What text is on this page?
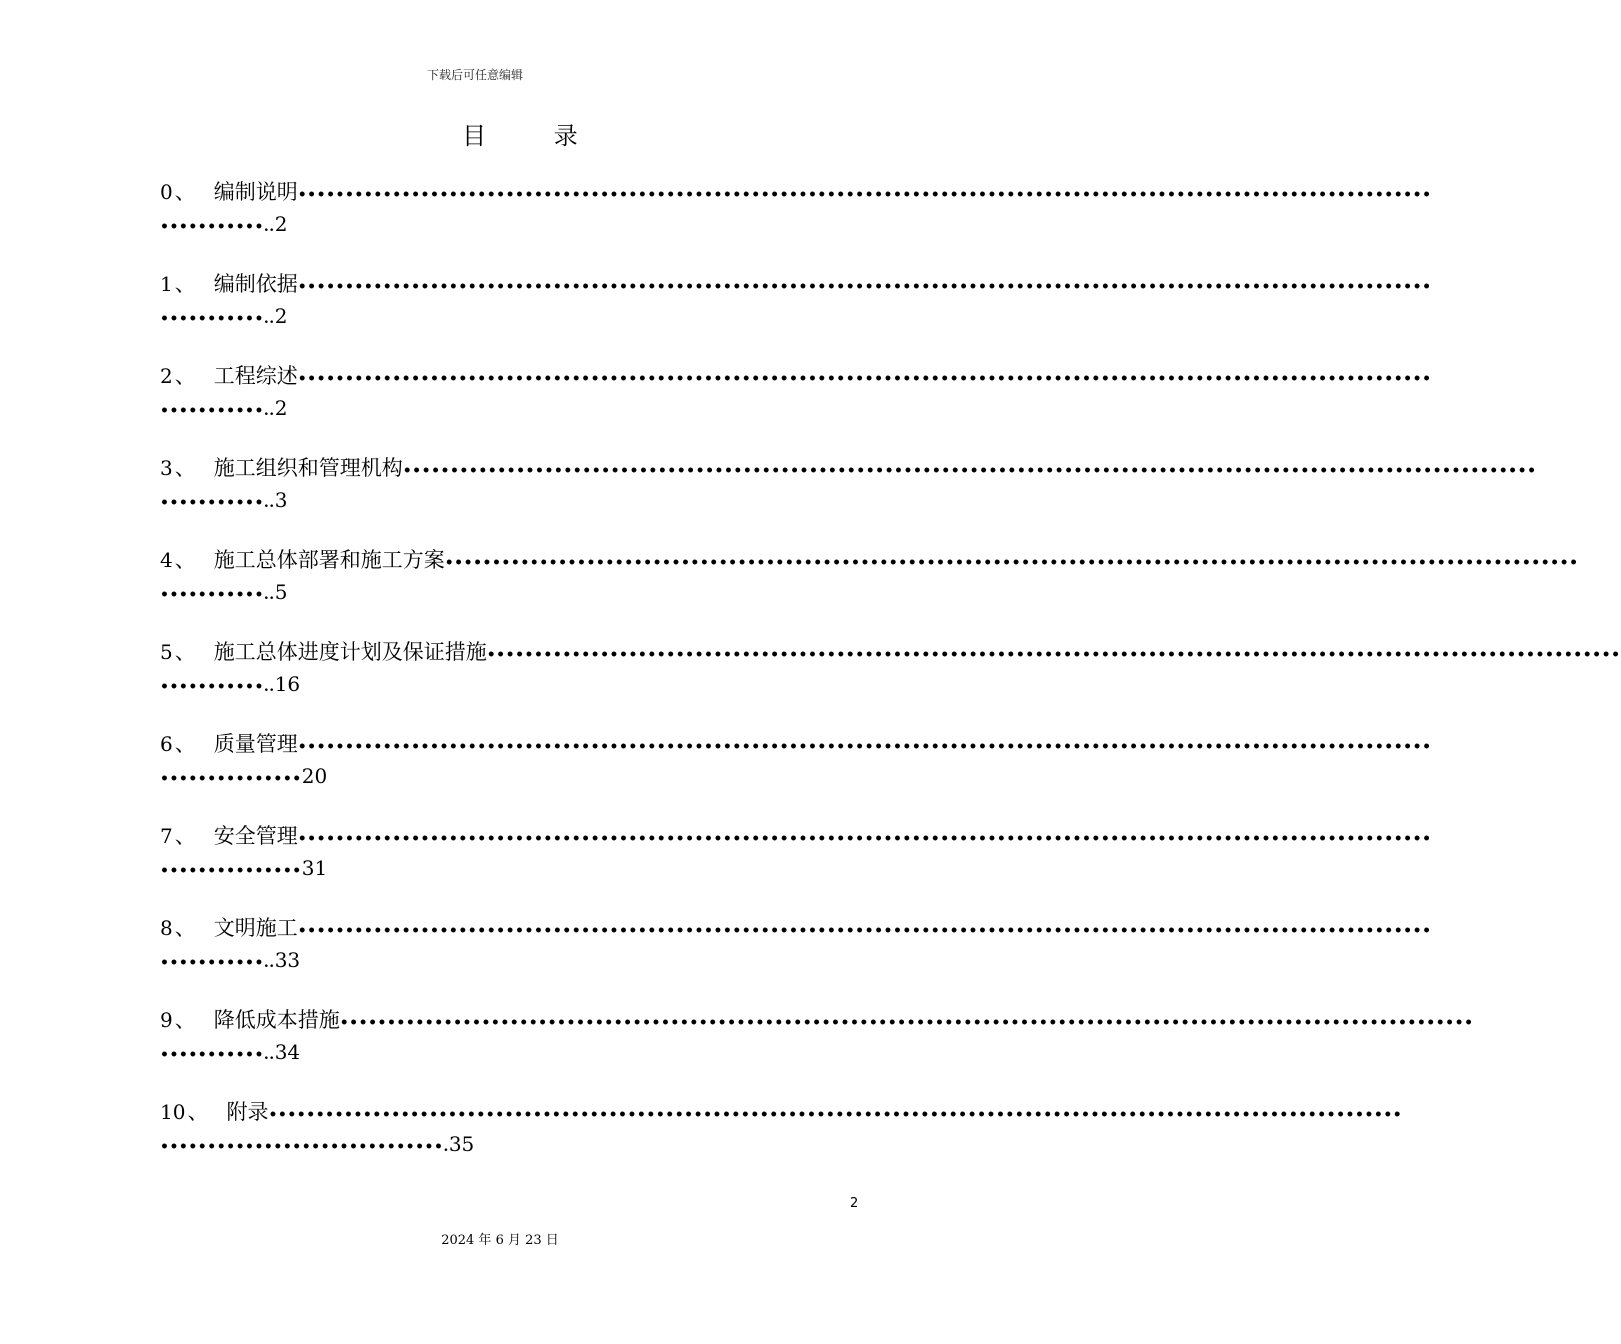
下载后可任意编辑
目 录
0 、 编制说明 ••••••••••••••••••••••••••••••••••••••••••••••••••••••••••••••••••••••••••••••••••••••••••••••••••••••••••••••••••••••••
•••••••••••.. 2
1 、 编制依据 ••••••••••••••••••••••••••••••••••••••••••••••••••••••••••••••••••••••••••••••••••••••••••••••••••••••••••••••••••••••••
•••••••••••.. 2
2 、 工程综述 ••••••••••••••••••••••••••••••••••••••••••••••••••••••••••••••••••••••••••••••••••••••••••••••••••••••••••••••••••••••••
•••••••••••.. 2
3 、 施工组织和管理机构 ••••••••••••••••••••••••••••••••••••••••••••••••••••••••••••••••••••••••••••••••••••••••••••••••••••••••••••••••••••••••
•••••••••••.. 3
4 、 施工总体部署和施工方案 ••••••••••••••••••••••••••••••••••••••••••••••••••••••••••••••••••••••••••••••••••••••••••••••••••••••••••••••••••••••••
•••••••••••.. 5
5 、 施工总体进度计划及保证措施 ••••••••••••••••••••••••••••••••••••••••••••••••••••••••••••••••••••••••••••••••••••••••••••••••••••••••••••••••••••••••
•••••••••••.. 16
6 、 质量管理 ••••••••••••••••••••••••••••••••••••••••••••••••••••••••••••••••••••••••••••••••••••••••••••••••••••••••••••••••••••••••
••••••••••••••• 20
7 、 安全管理 ••••••••••••••••••••••••••••••••••••••••••••••••••••••••••••••••••••••••••••••••••••••••••••••••••••••••••••••••••••••••
••••••••••••••• 31
8 、 文明施工 ••••••••••••••••••••••••••••••••••••••••••••••••••••••••••••••••••••••••••••••••••••••••••••••••••••••••••••••••••••••••
•••••••••••.. 33
9 、 降低成本措施 ••••••••••••••••••••••••••••••••••••••••••••••••••••••••••••••••••••••••••••••••••••••••••••••••••••••••••••••••••••••••
•••••••••••.. 34
10 、 附录 ••••••••••••••••••••••••••••••••••••••••••••••••••••••••••••••••••••••••••••••••••••••••••••••••••••••••••••••••••••••••
••••••••••••••••••••••••••••••. 35
2
2024 年 6 月 23 日
